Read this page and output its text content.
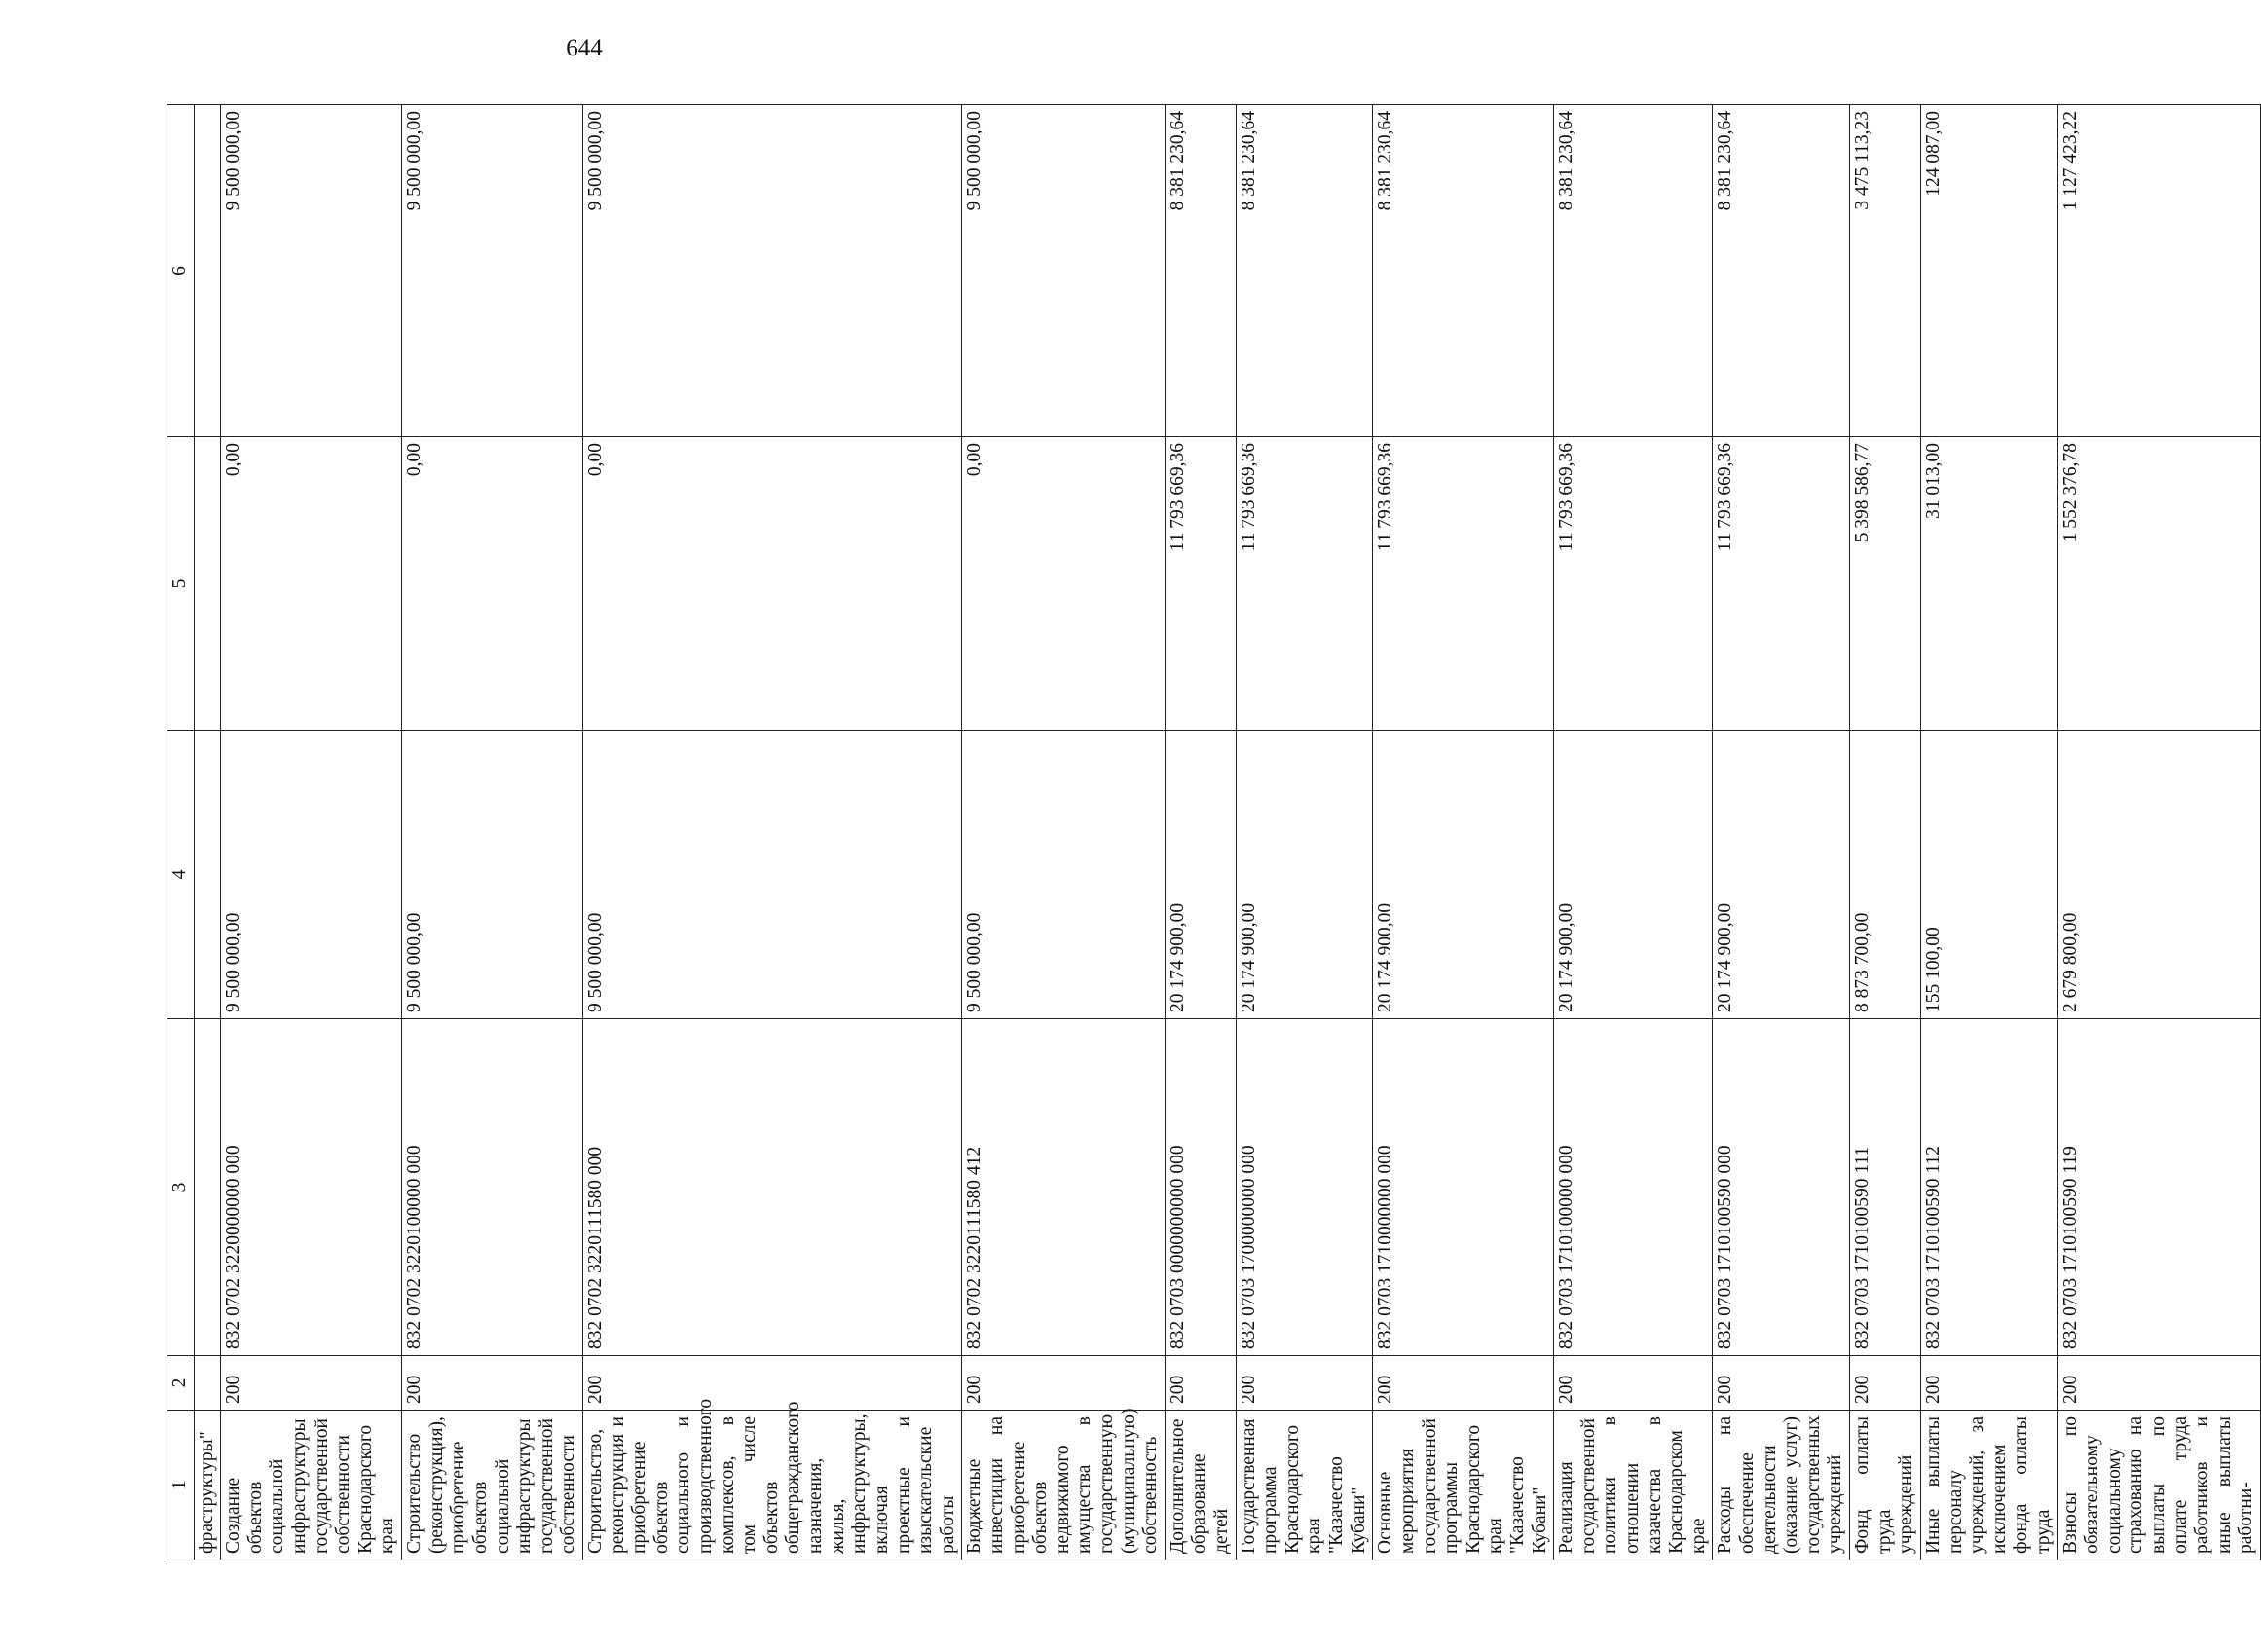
644
1	2	3	4	5	6
фраструктуры"					
Создание объектов социальной инфраструктуры государственной собственности Краснодарского края	200	832 0702 3220000000 000	9 500 000,00	0,00	9 500 000,00
Строительство (реконструкция), приобретение объектов социальной инфраструктуры государственной собственности	200	832 0702 3220100000 000	9 500 000,00	0,00	9 500 000,00
Строительство, реконструкция и приобретение объектов социального и производственного комплексов, в том числе объектов общегражданского назначения, жилья, инфраструктуры, включая проектные и изыскательские работы	200	832 0702 3220111580 000	9 500 000,00	0,00	9 500 000,00
Бюджетные инвестиции на приобретение объектов недвижимого имущества в государственную (муниципальную) собственность	200	832 0702 3220111580 412	9 500 000,00	0,00	9 500 000,00
Дополнительное образование детей	200	832 0703 0000000000 000	20 174 900,00	11 793 669,36	8 381 230,64
Государственная программа Краснодарского края "Казачество Кубани"	200	832 0703 1700000000 000	20 174 900,00	11 793 669,36	8 381 230,64
Основные мероприятия государственной программы Краснодарского края "Казачество Кубани"	200	832 0703 1710000000 000	20 174 900,00	11 793 669,36	8 381 230,64
Реализация государственной политики в отношении казачества в Краснодарском крае	200	832 0703 1710100000 000	20 174 900,00	11 793 669,36	8 381 230,64
Расходы на обеспечение деятельности (оказание услуг) государственных учреждений	200	832 0703 1710100590 000	20 174 900,00	11 793 669,36	8 381 230,64
Фонд оплаты труда учреждений	200	832 0703 1710100590 111	8 873 700,00	5 398 586,77	3 475 113,23
Иные выплаты персоналу учреждений, за исключением фонда оплаты труда	200	832 0703 1710100590 112	155 100,00	31 013,00	124 087,00
Взносы по обязательному социальному страхованию на выплаты по оплате труда работников и иные выплаты работни-	200	832 0703 1710100590 119	2 679 800,00	1 552 376,78	1 127 423,22
